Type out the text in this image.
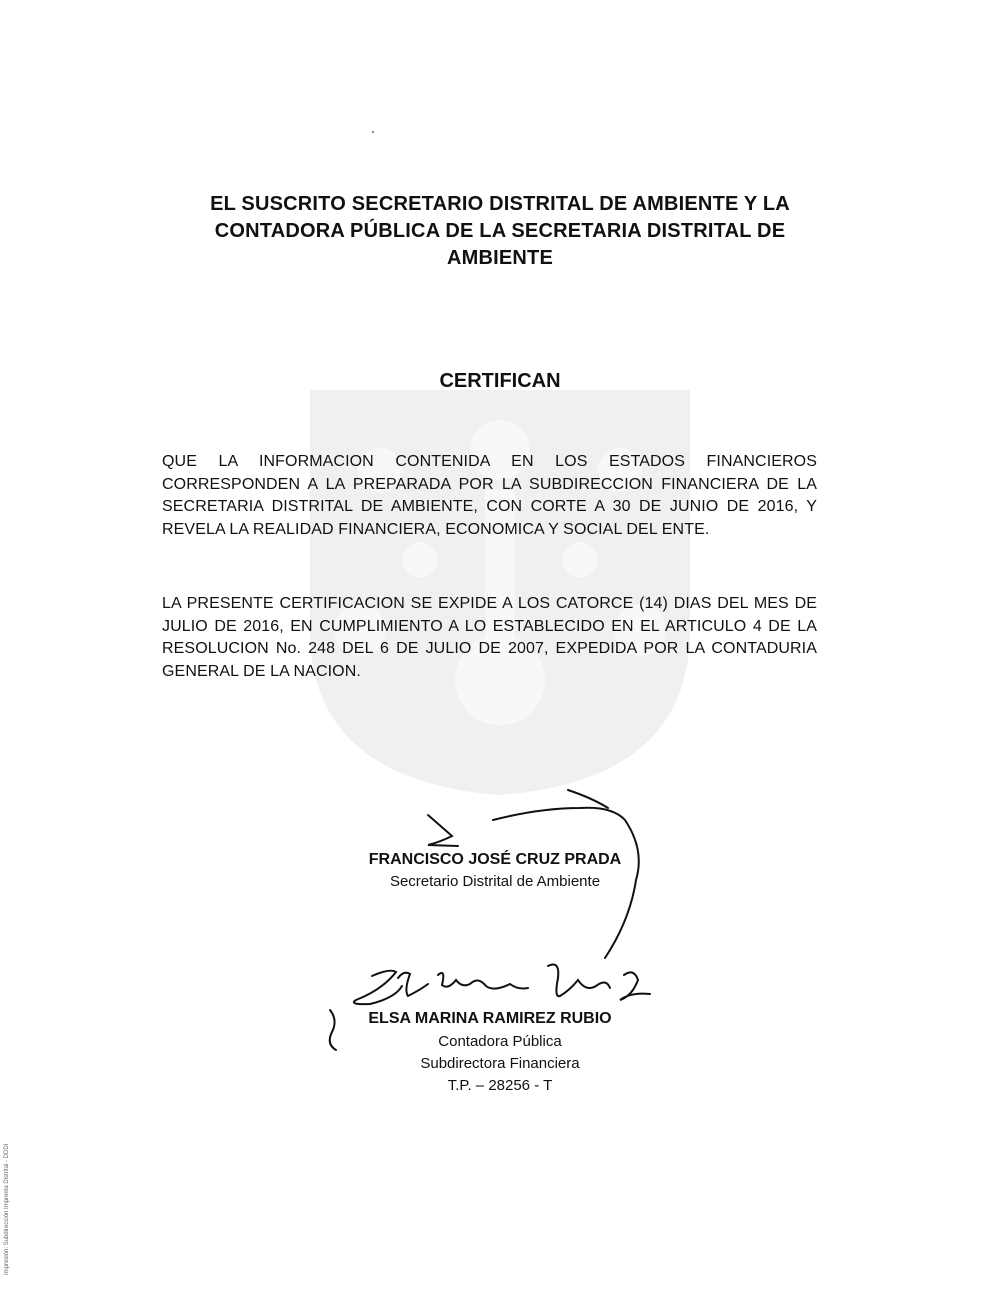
EL SUSCRITO SECRETARIO DISTRITAL DE AMBIENTE Y LA
CONTADORA PÚBLICA DE LA SECRETARIA DISTRITAL DE
AMBIENTE
CERTIFICAN
QUE LA INFORMACION CONTENIDA EN LOS ESTADOS FINANCIEROS CORRESPONDEN A LA PREPARADA POR LA SUBDIRECCION FINANCIERA DE LA SECRETARIA DISTRITAL DE AMBIENTE, CON CORTE A 30 DE JUNIO DE 2016, Y REVELA LA REALIDAD FINANCIERA, ECONOMICA Y SOCIAL DEL ENTE.
LA PRESENTE CERTIFICACION SE EXPIDE A LOS CATORCE (14) DIAS DEL MES DE JULIO DE 2016, EN CUMPLIMIENTO A LO ESTABLECIDO EN EL ARTICULO 4 DE LA RESOLUCION No. 248 DEL 6 DE JULIO DE 2007, EXPEDIDA POR LA CONTADURIA GENERAL DE LA NACION.
FRANCISCO JOSÉ CRUZ PRADA
Secretario Distrital de Ambiente
ELSA MARINA RAMIREZ RUBIO
Contadora Pública
Subdirectora Financiera
T.P. – 28256 - T
Impresión: Subdirección Imprenta Distrital - DDDI
